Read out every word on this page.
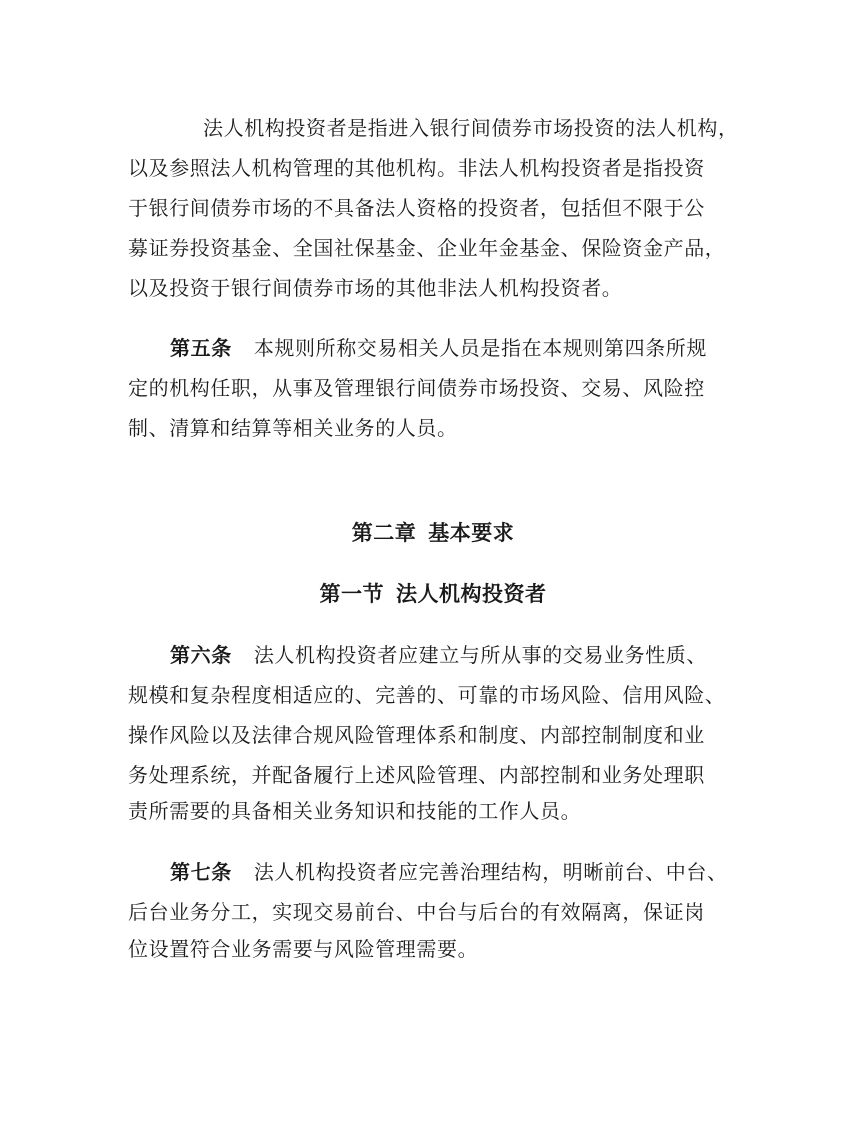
法人机构投资者是指进入银行间债券市场投资的法人机构，
以及参照法人机构管理的其他机构。非法人机构投资者是指投资
于银行间债券市场的不具备法人资格的投资者，包括但不限于公
募证券投资基金、全国社保基金、企业年金基金、保险资金产品，
以及投资于银行间债券市场的其他非法人机构投资者。
第五条 本规则所称交易相关人员是指在本规则第四条所规
定的机构任职，从事及管理银行间债券市场投资、交易、风险控
制、清算和结算等相关业务的人员。
第二章 基本要求
第一节 法人机构投资者
第六条 法人机构投资者应建立与所从事的交易业务性质、
规模和复杂程度相适应的、完善的、可靠的市场风险、信用风险、
操作风险以及法律合规风险管理体系和制度、内部控制制度和业
务处理系统，并配备履行上述风险管理、内部控制和业务处理职
责所需要的具备相关业务知识和技能的工作人员。
第七条 法人机构投资者应完善治理结构，明晰前台、中台、
后台业务分工，实现交易前台、中台与后台的有效隔离，保证岗
位设置符合业务需要与风险管理需要。
